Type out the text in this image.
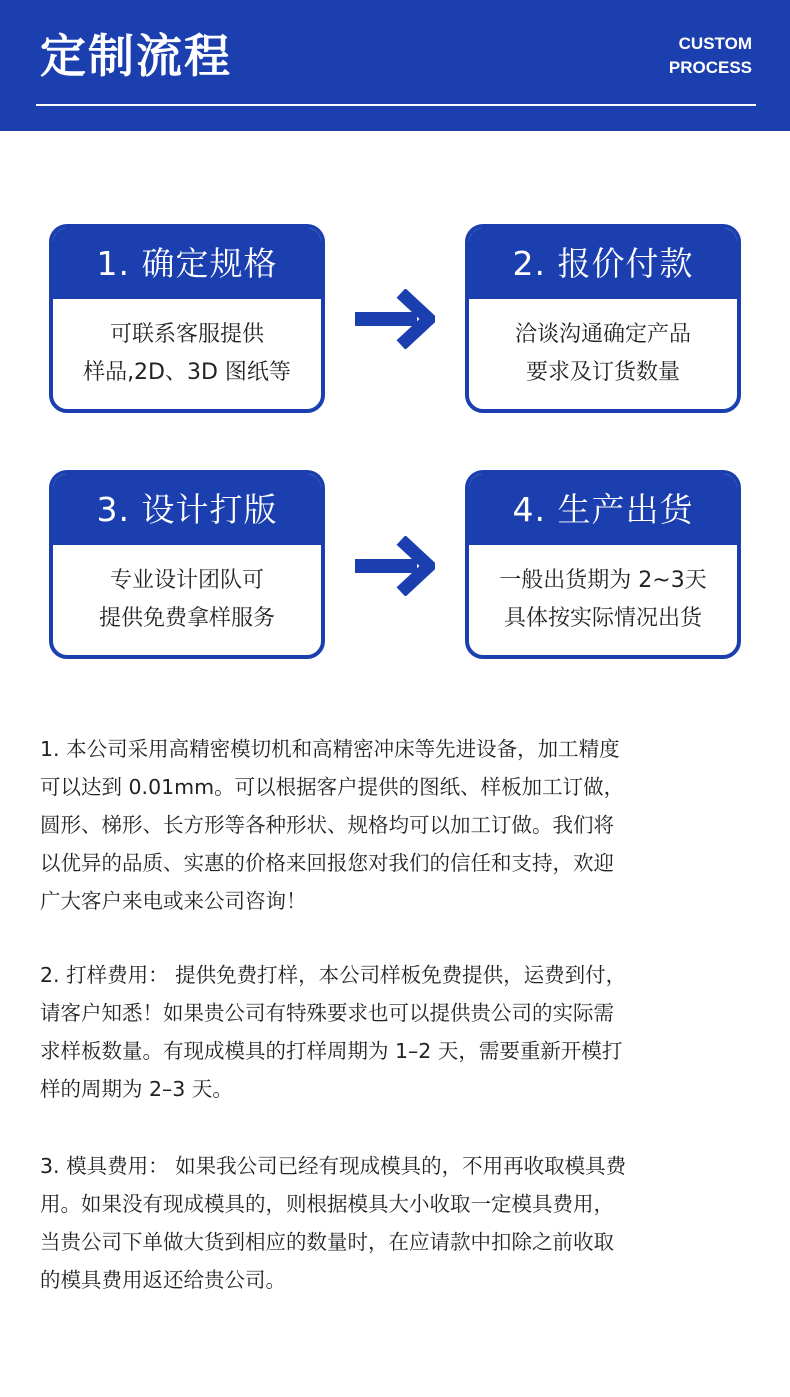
定制流程	CUSTOM
PROCESS
1. 确定规格
可联系客服提供
样品,2D、3D 图纸等
2. 报价付款
洽谈沟通确定产品
要求及订货数量
3. 设计打版
专业设计团队可
提供免费拿样服务
4. 生产出货
一般出货期为 2~3天
具体按实际情况出货
1. 本公司采用高精密模切机和高精密冲床等先进设备，加工精度
可以达到 0.01mm。可以根据客户提供的图纸、样板加工订做，
圆形、梯形、长方形等各种形状、规格均可以加工订做。我们将
以优异的品质、实惠的价格来回报您对我们的信任和支持，欢迎
广大客户来电或来公司咨询！
2. 打样费用： 提供免费打样，本公司样板免费提供，运费到付，
请客户知悉！如果贵公司有特殊要求也可以提供贵公司的实际需
求样板数量。有现成模具的打样周期为 1–2 天，需要重新开模打
样的周期为 2–3 天。
3. 模具费用： 如果我公司已经有现成模具的，不用再收取模具费
用。如果没有现成模具的，则根据模具大小收取一定模具费用，
当贵公司下单做大货到相应的数量时，在应请款中扣除之前收取
的模具费用返还给贵公司。
